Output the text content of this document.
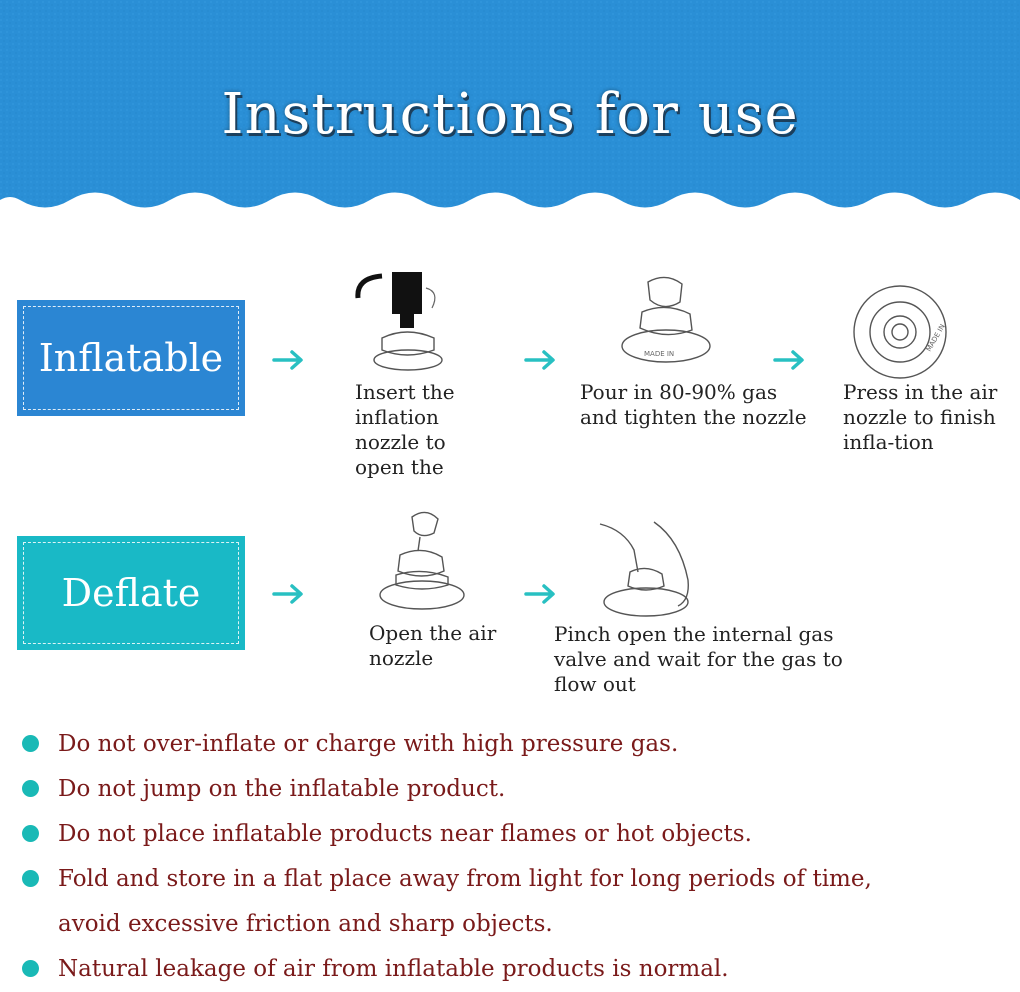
Instructions for use
Inflatable
Insert the inflation nozzle to open the
MADE IN
Pour in 80-90% gas and tighten the nozzle
MADE IN
Press in the air nozzle to finish infla-tion
Deflate
Open the air nozzle
Pinch open the internal gas valve and wait for the gas to flow out
Do not over-inflate or charge with high pressure gas.
Do not jump on the inflatable product.
Do not place inflatable products near flames or hot objects.
Fold and store in a flat place away from light for long periods of time, avoid excessive friction and sharp objects.
Natural leakage of air from inflatable products is normal.
